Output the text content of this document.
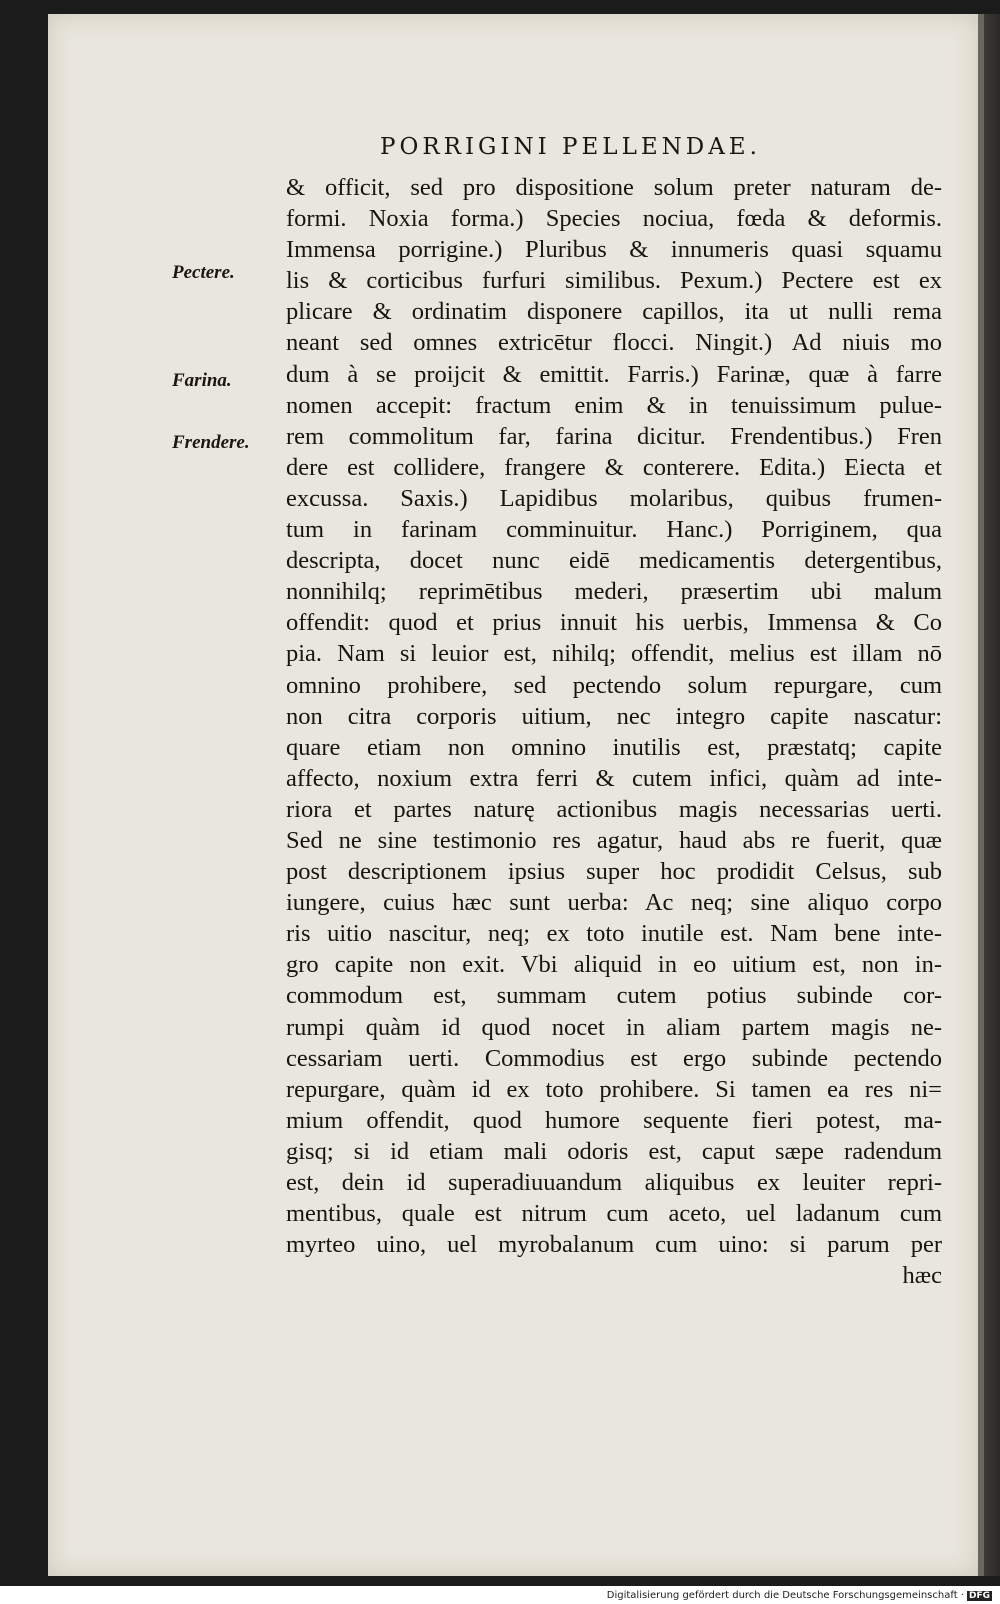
PORRIGINI PELLENDAE.
Pectere.
Farina.
Frendere.
& officit, sed pro dispositione solum preter naturam de-
formi. Noxia forma.) Species nociua, fœda & deformis.
Immensa porrigine.) Pluribus & innumeris quasi squamu
lis & corticibus furfuri similibus. Pexum.) Pectere est ex
plicare & ordinatim disponere capillos, ita ut nulli rema
neant sed omnes extricētur flocci. Ningit.) Ad niuis mo
dum à se proijcit & emittit. Farris.) Farinæ, quæ à farre
nomen accepit: fractum enim & in tenuissimum pulue-
rem commolitum far, farina dicitur. Frendentibus.) Fren
dere est collidere, frangere & conterere. Edita.) Eiecta et
excussa. Saxis.) Lapidibus molaribus, quibus frumen-
tum in farinam comminuitur. Hanc.) Porriginem, qua
descripta, docet nunc eidē medicamentis detergentibus,
nonnihilq; reprimētibus mederi, præsertim ubi malum
offendit: quod et prius innuit his uerbis, Immensa & Co
pia. Nam si leuior est, nihilq; offendit, melius est illam nō
omnino prohibere, sed pectendo solum repurgare, cum
non citra corporis uitium, nec integro capite nascatur:
quare etiam non omnino inutilis est, præstatq; capite
affecto, noxium extra ferri & cutem infici, quàm ad inte-
riora et partes naturę actionibus magis necessarias uerti.
Sed ne sine testimonio res agatur, haud abs re fuerit, quæ
post descriptionem ipsius super hoc prodidit Celsus, sub
iungere, cuius hæc sunt uerba: Ac neq; sine aliquo corpo
ris uitio nascitur, neq; ex toto inutile est. Nam bene inte-
gro capite non exit. Vbi aliquid in eo uitium est, non in-
commodum est, summam cutem potius subinde cor-
rumpi quàm id quod nocet in aliam partem magis ne-
cessariam uerti. Commodius est ergo subinde pectendo
repurgare, quàm id ex toto prohibere. Si tamen ea res ni=
mium offendit, quod humore sequente fieri potest, ma-
gisq; si id etiam mali odoris est, caput sæpe radendum
est, dein id superadiuuandum aliquibus ex leuiter repri-
mentibus, quale est nitrum cum aceto, uel ladanum cum
myrteo uino, uel myrobalanum cum uino: si parum per
hæc
Digitalisierung gefördert durch die Deutsche Forschungsgemeinschaft · DFG
